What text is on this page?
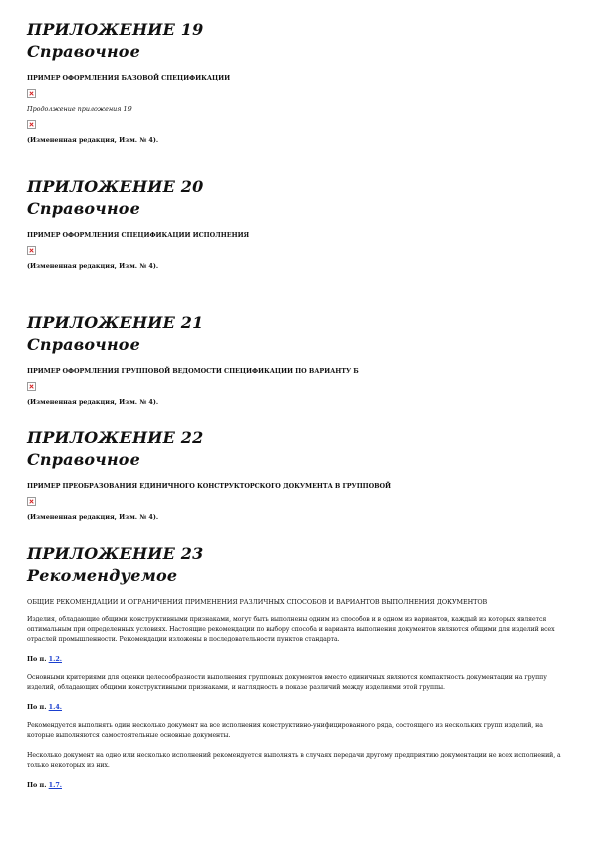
ПРИЛОЖЕНИЕ 19
Справочное
ПРИМЕР ОФОРМЛЕНИЯ БАЗОВОЙ СПЕЦИФИКАЦИИ
Продолжение приложения 19
(Измененная редакция, Изм. № 4).
ПРИЛОЖЕНИЕ 20
Справочное
ПРИМЕР ОФОРМЛЕНИЯ СПЕЦИФИКАЦИИ ИСПОЛНЕНИЯ
(Измененная редакция, Изм. № 4).
ПРИЛОЖЕНИЕ 21
Справочное
ПРИМЕР ОФОРМЛЕНИЯ ГРУППОВОЙ ВЕДОМОСТИ СПЕЦИФИКАЦИИ ПО ВАРИАНТУ Б
(Измененная редакция, Изм. № 4).
ПРИЛОЖЕНИЕ 22
Справочное
ПРИМЕР ПРЕОБРАЗОВАНИЯ ЕДИНИЧНОГО КОНСТРУКТОРСКОГО ДОКУМЕНТА В ГРУППОВОЙ
(Измененная редакция, Изм. № 4).
ПРИЛОЖЕНИЕ 23
Рекомендуемое
ОБЩИЕ РЕКОМЕНДАЦИИ И ОГРАНИЧЕНИЯ ПРИМЕНЕНИЯ РАЗЛИЧНЫХ СПОСОБОВ И ВАРИАНТОВ ВЫПОЛНЕНИЯ ДОКУМЕНТОВ
Изделия, обладающие общими конструктивными признаками, могут быть выполнены одним из способов и в одном из вариантов, каждый из которых является оптимальным при определенных условиях. Настоящие рекомендации по выбору способа и варианта выполнения документов являются общими для изделий всех отраслей промышленности. Рекомендации изложены в последовательности пунктов стандарта.
По п. 1.2.
Основными критериями для оценки целесообразности выполнения групповых документов вместо единичных являются компактность документации на группу изделий, обладающих общими конструктивными признаками, и наглядность в показе различий между изделиями этой группы.
По п. 1.4.
Рекомендуется выполнять один несколько документ на все исполнения конструктивно-унифицированного ряда, состоящего из нескольких групп изделий, на которые выполняются самостоятельные основные документы.
Несколько документ на одно или несколько исполнений рекомендуется выполнять в случаях передачи другому предприятию документации не всех исполнений, а только некоторых из них.
По п. 1.7.
